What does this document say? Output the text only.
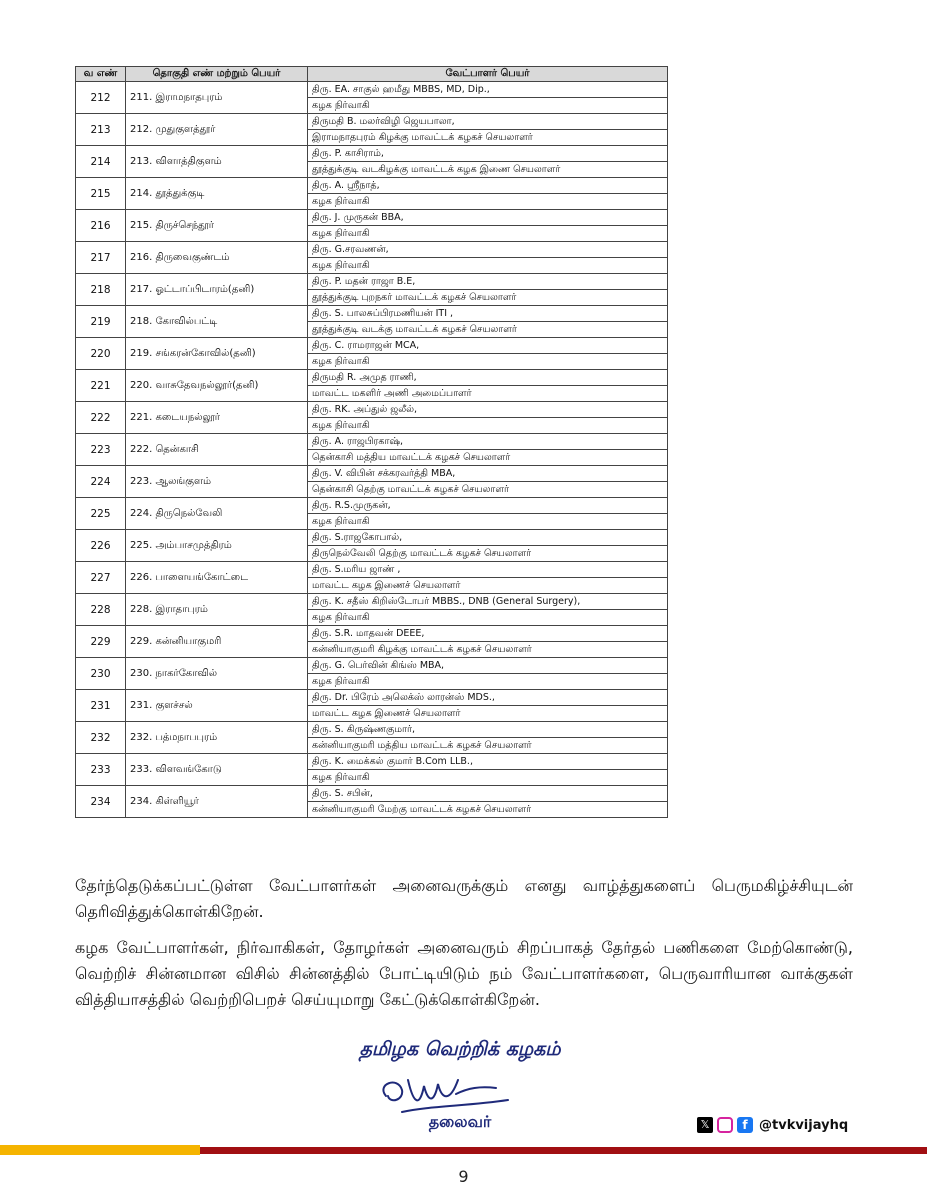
வ எண்	தொகுதி எண் மற்றும் பெயர்	வேட்பாளர் பெயர்
212	211. இராமநாதபுரம்	திரு. EA. சாகுல் ஹமீது MBBS, MD, Dip.,
		கழக நிர்வாகி
213	212. முதுகுளத்தூர்	திருமதி B. மலர்விழி ஜெயபாலா,
		இராமநாதபுரம் கிழக்கு மாவட்டக் கழகச் செயலாளர்
214	213. விளாத்திகுளம்	திரு. P. காசிராம்,
		தூத்துக்குடி வடகிழக்கு மாவட்டக் கழக இணை செயலாளர்
215	214. தூத்துக்குடி	திரு. A. ஸ்ரீநாத்,
		கழக நிர்வாகி
216	215. திருச்செந்தூர்	திரு. J. முருகன் BBA,
		கழக நிர்வாகி
217	216. திருவைகுண்டம்	திரு. G.சரவணன்,
		கழக நிர்வாகி
218	217. ஓட்டாப்பிடாரம்(தனி)	திரு. P. மதன் ராஜா B.E,
		தூத்துக்குடி புறநகர் மாவட்டக் கழகச் செயலாளர்
219	218. கோவில்பட்டி	திரு. S. பாலசுப்பிரமணியன் ITI ,
		தூத்துக்குடி வடக்கு மாவட்டக் கழகச் செயலாளர்
220	219. சங்கரன்கோவில்(தனி)	திரு. C. ராமராஜன் MCA,
		கழக நிர்வாகி
221	220. வாசுதேவநல்லூர்(தனி)	திருமதி R. அமுத ராணி,
		மாவட்ட மகளிர் அணி அமைப்பாளர்
222	221. கடையநல்லூர்	திரு. RK. அப்துல் ஜலீல்,
		கழக நிர்வாகி
223	222. தென்காசி	திரு. A. ராஜபிரகாஷ்,
		தென்காசி மத்திய மாவட்டக் கழகச் செயலாளர்
224	223. ஆலங்குளம்	திரு. V. விபின் சக்கரவர்த்தி MBA,
		தென்காசி தெற்கு மாவட்டக் கழகச் செயலாளர்
225	224. திருநெல்வேலி	திரு. R.S.முருகன்,
		கழக நிர்வாகி
226	225. அம்பாசமுத்திரம்	திரு. S.ராஜகோபால்,
		திருநெல்வேலி தெற்கு மாவட்டக் கழகச் செயலாளர்
227	226. பாளையங்கோட்டை	திரு. S.மரிய ஜாண் ,
		மாவட்ட கழக இணைச் செயலாளர்
228	228. இராதாபுரம்	திரு. K. சதீஸ் கிறிஸ்டோபர் MBBS., DNB (General Surgery),
		கழக நிர்வாகி
229	229. கன்னியாகுமரி	திரு. S.R. மாதவன் DEEE,
		கன்னியாகுமரி கிழக்கு மாவட்டக் கழகச் செயலாளர்
230	230. நாகர்கோவில்	திரு. G. பெர்வின் கிங்ஸ் MBA,
		கழக நிர்வாகி
231	231. குளச்சல்	திரு. Dr. பிரேம் அலெக்ஸ் லாரன்ஸ் MDS.,
		மாவட்ட கழக இணைச் செயலாளர்
232	232. பத்மநாபபுரம்	திரு. S. கிருஷ்ணகுமார்,
		கன்னியாகுமரி மத்திய மாவட்டக் கழகச் செயலாளர்
233	233. விளவங்கோடு	திரு. K. மைக்கல் குமார் B.Com LLB.,
		கழக நிர்வாகி
234	234. கிள்ளியூர்	திரு. S. சபின்,
		கன்னியாகுமரி மேற்கு மாவட்டக் கழகச் செயலாளர்

தேர்ந்தெடுக்கப்பட்டுள்ள வேட்பாளர்கள் அனைவருக்கும் எனது வாழ்த்துகளைப் பெருமகிழ்ச்சியுடன் தெரிவித்துக்கொள்கிறேன்.

கழக வேட்பாளர்கள், நிர்வாகிகள், தோழர்கள் அனைவரும் சிறப்பாகத் தேர்தல் பணிகளை மேற்கொண்டு, வெற்றிச் சின்னமான விசில் சின்னத்தில் போட்டியிடும் நம் வேட்பாளர்களை, பெருவாரியான வாக்குகள் வித்தியாசத்தில் வெற்றிபெறச் செய்யுமாறு கேட்டுக்கொள்கிறேன்.

தமிழக வெற்றிக் கழகம்
தலைவர்	𝕏	f @tvkvijayhq
9
